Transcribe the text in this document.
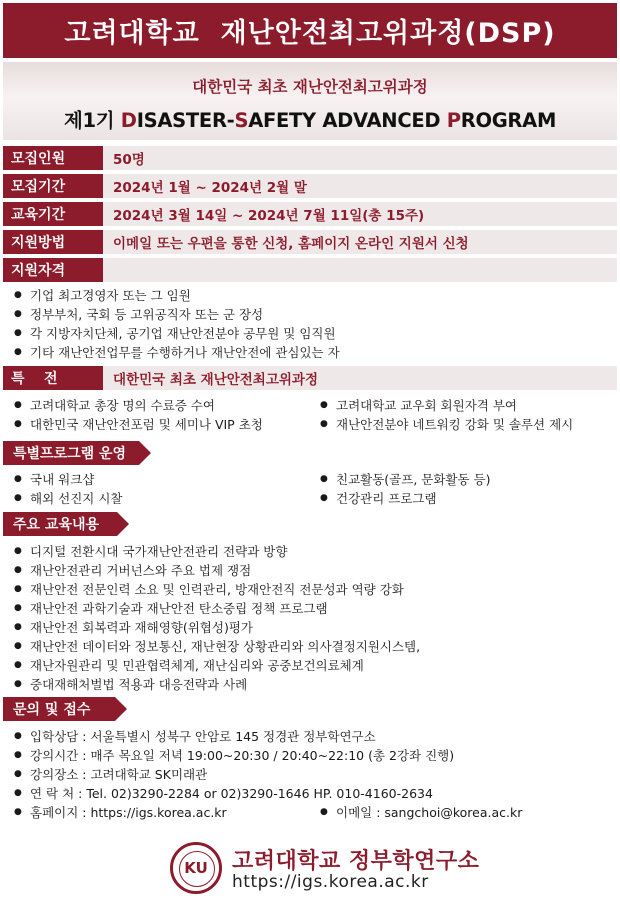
고려대학교  재난안전최고위과정(DSP)
대한민국 최초 재난안전최고위과정
제1기 DISASTER-SAFETY ADVANCED PROGRAM
모집인원	50명
모집기간	2024년 1월 ~ 2024년 2월 말
교육기간	2024년 3월 14일 ~ 2024년 7월 11일(총 15주)
지원방법	이메일 또는 우편을 통한 신청, 홈페이지 온라인 지원서 신청
지원자격
● 기업 최고경영자 또는 그 임원
● 정부부처, 국회 등 고위공직자 또는 군 장성
● 각 지방자치단체, 공기업 재난안전분야 공무원 및 임직원
● 기타 재난안전업무를 수행하거나 재난안전에 관심있는 자
특    전	대한민국 최초 재난안전최고위과정
● 고려대학교 총장 명의 수료증 수여
● 대한민국 재난안전포럼 및 세미나 VIP 초청
● 고려대학교 교우회 회원자격 부여
● 재난안전분야 네트워킹 강화 및 솔루션 제시
특별프로그램 운영
● 국내 워크샵
● 해외 선진지 시찰
● 친교활동(골프, 문화활동 등)
● 건강관리 프로그램
주요 교육내용
● 디지털 전환시대 국가재난안전관리 전략과 방향
● 재난안전관리 거버넌스와 주요 법제 쟁점
● 재난안전 전문인력 소요 및 인력관리, 방재안전직 전문성과 역량 강화
● 재난안전 과학기술과 재난안전 탄소중립 정책 프로그램
● 재난안전 회복력과 재해영향(위협성)평가
● 재난안전 데이터와 정보통신, 재난현장 상황관리와 의사결정지원시스템,
● 재난자원관리 및 민관협력체계, 재난심리와 공중보건의료체계
● 중대재해처벌법 적용과 대응전략과 사례
문의 및 접수
● 입학상담 : 서울특별시 성북구 안암로 145 정경관 정부학연구소
● 강의시간 : 매주 목요일 저녁 19:00~20:30 / 20:40~22:10 (총 2강좌 진행)
● 강의장소 : 고려대학교 SK미래관
● 연 락 처 : Tel. 02)3290-2284 or 02)3290-1646 HP. 010-4160-2634
● 홈페이지 : https://igs.korea.ac.kr
●	이메일 : sangchoi@korea.ac.kr
KU	고려대학교 정부학연구소
https://igs.korea.ac.kr
